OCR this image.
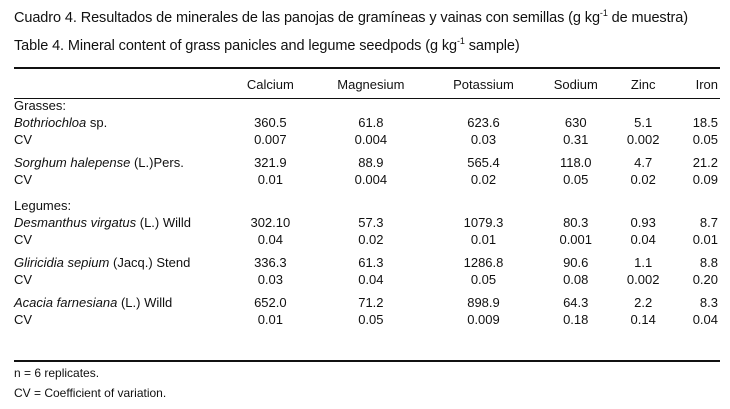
Cuadro 4. Resultados de minerales de las panojas de gramíneas y vainas con semillas (g $kg^{-1}$ de muestra)
Table 4. Mineral content of grass panicles and legume seedpods (g $kg^{-1}$ sample)
	Calcium	Magnesium	Potassium	Sodium	Zinc	Iron
Grasses:						
Bothriochloa sp.	360.5	61.8	623.6	630	5.1	18.5
CV	0.007	0.004	0.03	0.31	0.002	0.05

Sorghum halepense (L.)Pers.	321.9	88.9	565.4	118.0	4.7	21.2
CV	0.01	0.004	0.02	0.05	0.02	0.09

Legumes:						
Desmanthus virgatus (L.) Willd	302.10	57.3	1079.3	80.3	0.93	8.7
CV	0.04	0.02	0.01	0.001	0.04	0.01

Gliricidia sepium (Jacq.) Stend	336.3	61.3	1286.8	90.6	1.1	8.8
CV	0.03	0.04	0.05	0.08	0.002	0.20

Acacia farnesiana (L.) Willd	652.0	71.2	898.9	64.3	2.2	8.3
CV	0.01	0.05	0.009	0.18	0.14	0.04
n = 6 replicates.
CV = Coefficient of variation.
